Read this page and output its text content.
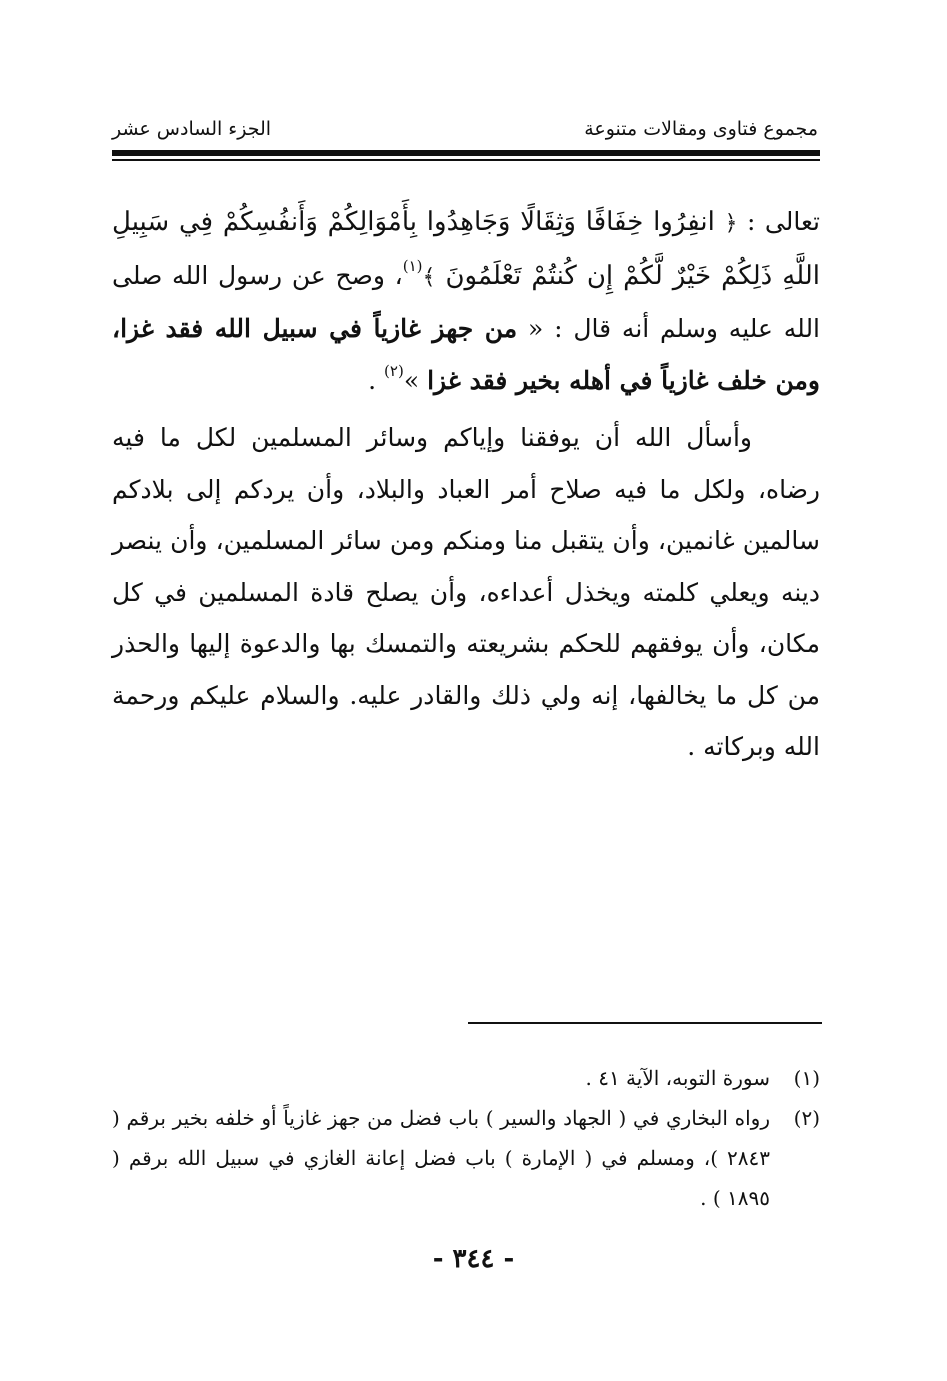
مجموع فتاوى ومقالات متنوعة
الجزء السادس عشر

تعالى : ﴿ انفِرُوا خِفَافًا وَثِقَالًا وَجَاهِدُوا بِأَمْوَالِكُمْ وَأَنفُسِكُمْ فِي سَبِيلِ اللَّهِ ذَلِكُمْ خَيْرٌ لَّكُمْ إِن كُنتُمْ تَعْلَمُونَ ﴾$^{(١)}$، وصح عن رسول الله صلى الله عليه وسلم أنه قال : « من جهز غازياً في سبيل الله فقد غزا، ومن خلف غازياً في أهله بخير فقد غزا »$^{(٢)}$ .

وأسأل الله أن يوفقنا وإياكم وسائر المسلمين لكل ما فيه رضاه، ولكل ما فيه صلاح أمر العباد والبلاد، وأن يردكم إلى بلادكم سالمين غانمين، وأن يتقبل منا ومنكم ومن سائر المسلمين، وأن ينصر دينه ويعلي كلمته ويخذل أعداءه، وأن يصلح قادة المسلمين في كل مكان، وأن يوفقهم للحكم بشريعته والتمسك بها والدعوة إليها والحذر من كل ما يخالفها، إنه ولي ذلك والقادر عليه. والسلام عليكم ورحمة الله وبركاته .

(١)
سورة التوبه، الآية ٤١ .
(٢)
رواه البخاري في ( الجهاد والسير ) باب فضل من جهز غازياً أو خلفه بخير برقم ( ٢٨٤٣ )، ومسلم في ( الإمارة ) باب فضل إعانة الغازي في سبيل الله برقم ( ١٨٩٥ ) .
- ٣٤٤ -
